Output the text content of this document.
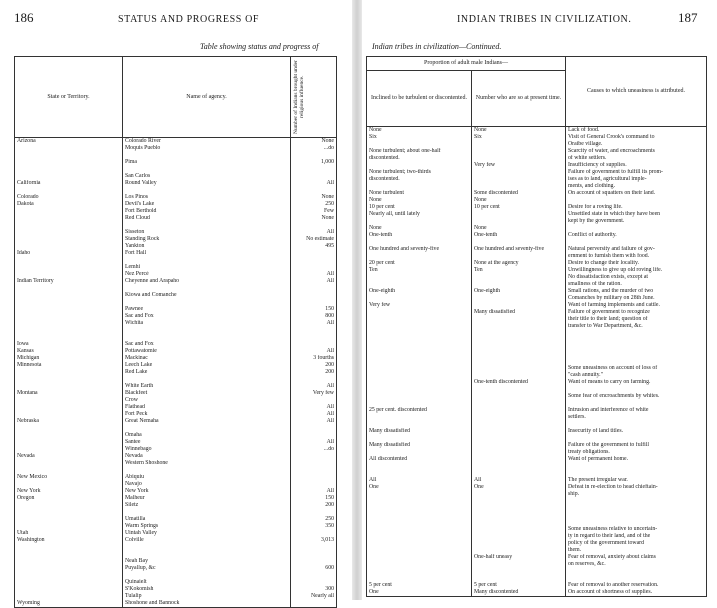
186	STATUS AND PROGRESS OF
Table showing status and progress of
State or Territory.	Name of agency.	Number of Indians brought under religious influence.

Arizona	Colorado River	None
	Moquis Pueblo	...do

	Pima	1,000

	San Carlos	
California	Round Valley	All

Colorado	Los Pinos	None
Dakota	Devil's Lake	250
	Fort Berthold	Few
	Red Cloud	None

	Sisseton	All
	Standing Rock	No estimate
	Yankton	495
Idaho	Fort Hall	

	Lemhi	
	Nez Percé	All
Indian Territory	Cheyenne and Arapaho	All

	Kiowa and Comanche	

	Pawnee	150
	Sac and Fox	800
	Wichita	All

Iowa	Sac and Fox	
Kansas	Pottawatomie	All
Michigan	Mackinac	3 fourths
Minnesota	Leech Lake	200
	Red Lake	200

	White Earth	All
Montana	Blackfeet	Very few
	Crow	
	Flathead	All
	Fort Peck	All
Nebraska	Great Nemaha	All

	Omaha	
	Santee	All
	Winnebago	...do
Nevada	Nevada	
	Western Shoshone	

New Mexico	Abiquiu	
	Navajo	
New York	New York	All
Oregon	Malheur	150
	Siletz	200

	Umatilla	250
	Warm Springs	350
Utah	Uintah Valley	
Washington	Colville	3,013

	Neah Bay	
	Puyallup, &c	600

	Quinaielt	
	S'Kokomish	300
	Tulalip	Nearly all
Wyoming	Shoshone and Bannock	
INDIAN TRIBES IN CIVILIZATION.	187
Indian tribes in civilization—Continued.
Proportion of adult male Indians—		Causes to which uneasiness is attributed.
Inclined to be turbulent or discontented.	Number who are so at present time.	
None	None	Lack of food.
Six	Six	Visit of General Crook's command to
		Oraibe village.
None turbulent; about one-half		Scarcity of water, and encroachments
discontented.		of white settlers.
	Very few	Insufficiency of supplies.
None turbulent; two-thirds		Failure of government to fulfill its prom-
discontented.		ises as to land, agricultural imple-
		ments, and clothing.
None turbulent	Some discontented	On account of squatters on their land.
None	None	
10 per cent	10 per cent	Desire for a roving life.
Nearly all, until lately		Unsettled state in which they have been
		kept by the government.
None	None	
One-tenth	One-tenth	Conflict of authority.

One hundred and seventy-five	One hundred and seventy-five	Natural perversity and failure of gov-
		ernment to furnish them with food.
20 per cent	None at the agency	Desire to change their locality.
Ten	Ten	Unwillingness to give up old roving life.
		No dissatisfaction exists, except at
		smallness of the ration.
One-eighth	One-eighth	Small rations, and the murder of two
		Comanches by military on 28th June.
Very few		Want of farming implements and cattle.
	Many dissatisfied	Failure of government to recognize
		their title to their land; question of
		transfer to War Department, &c.

		Some uneasiness on account of loss of
		"cash annuity."
	One-tenth discontented	Want of means to carry on farming.

		Some fear of encroachments by whites.

25 per cent. discontented		Intrusion and interference of white
		settlers.

Many dissatisfied		Insecurity of land titles.

Many dissatisfied		Failure of the government to fulfill
		treaty obligations.
All discontented		Want of permanent home.

All	All	The present irregular war.
One	One	Defeat in re-election to head chieftain-
		ship.

		Some uneasiness relative to uncertain-
		ty in regard to their land, and of the
		policy of the government toward
		them.
	One-half uneasy	Fear of removal, anxiety about claims
		on reserves, &c.

5 per cent	5 per cent	Fear of removal to another reservation.
One	Many discontented	On account of shortness of supplies.
